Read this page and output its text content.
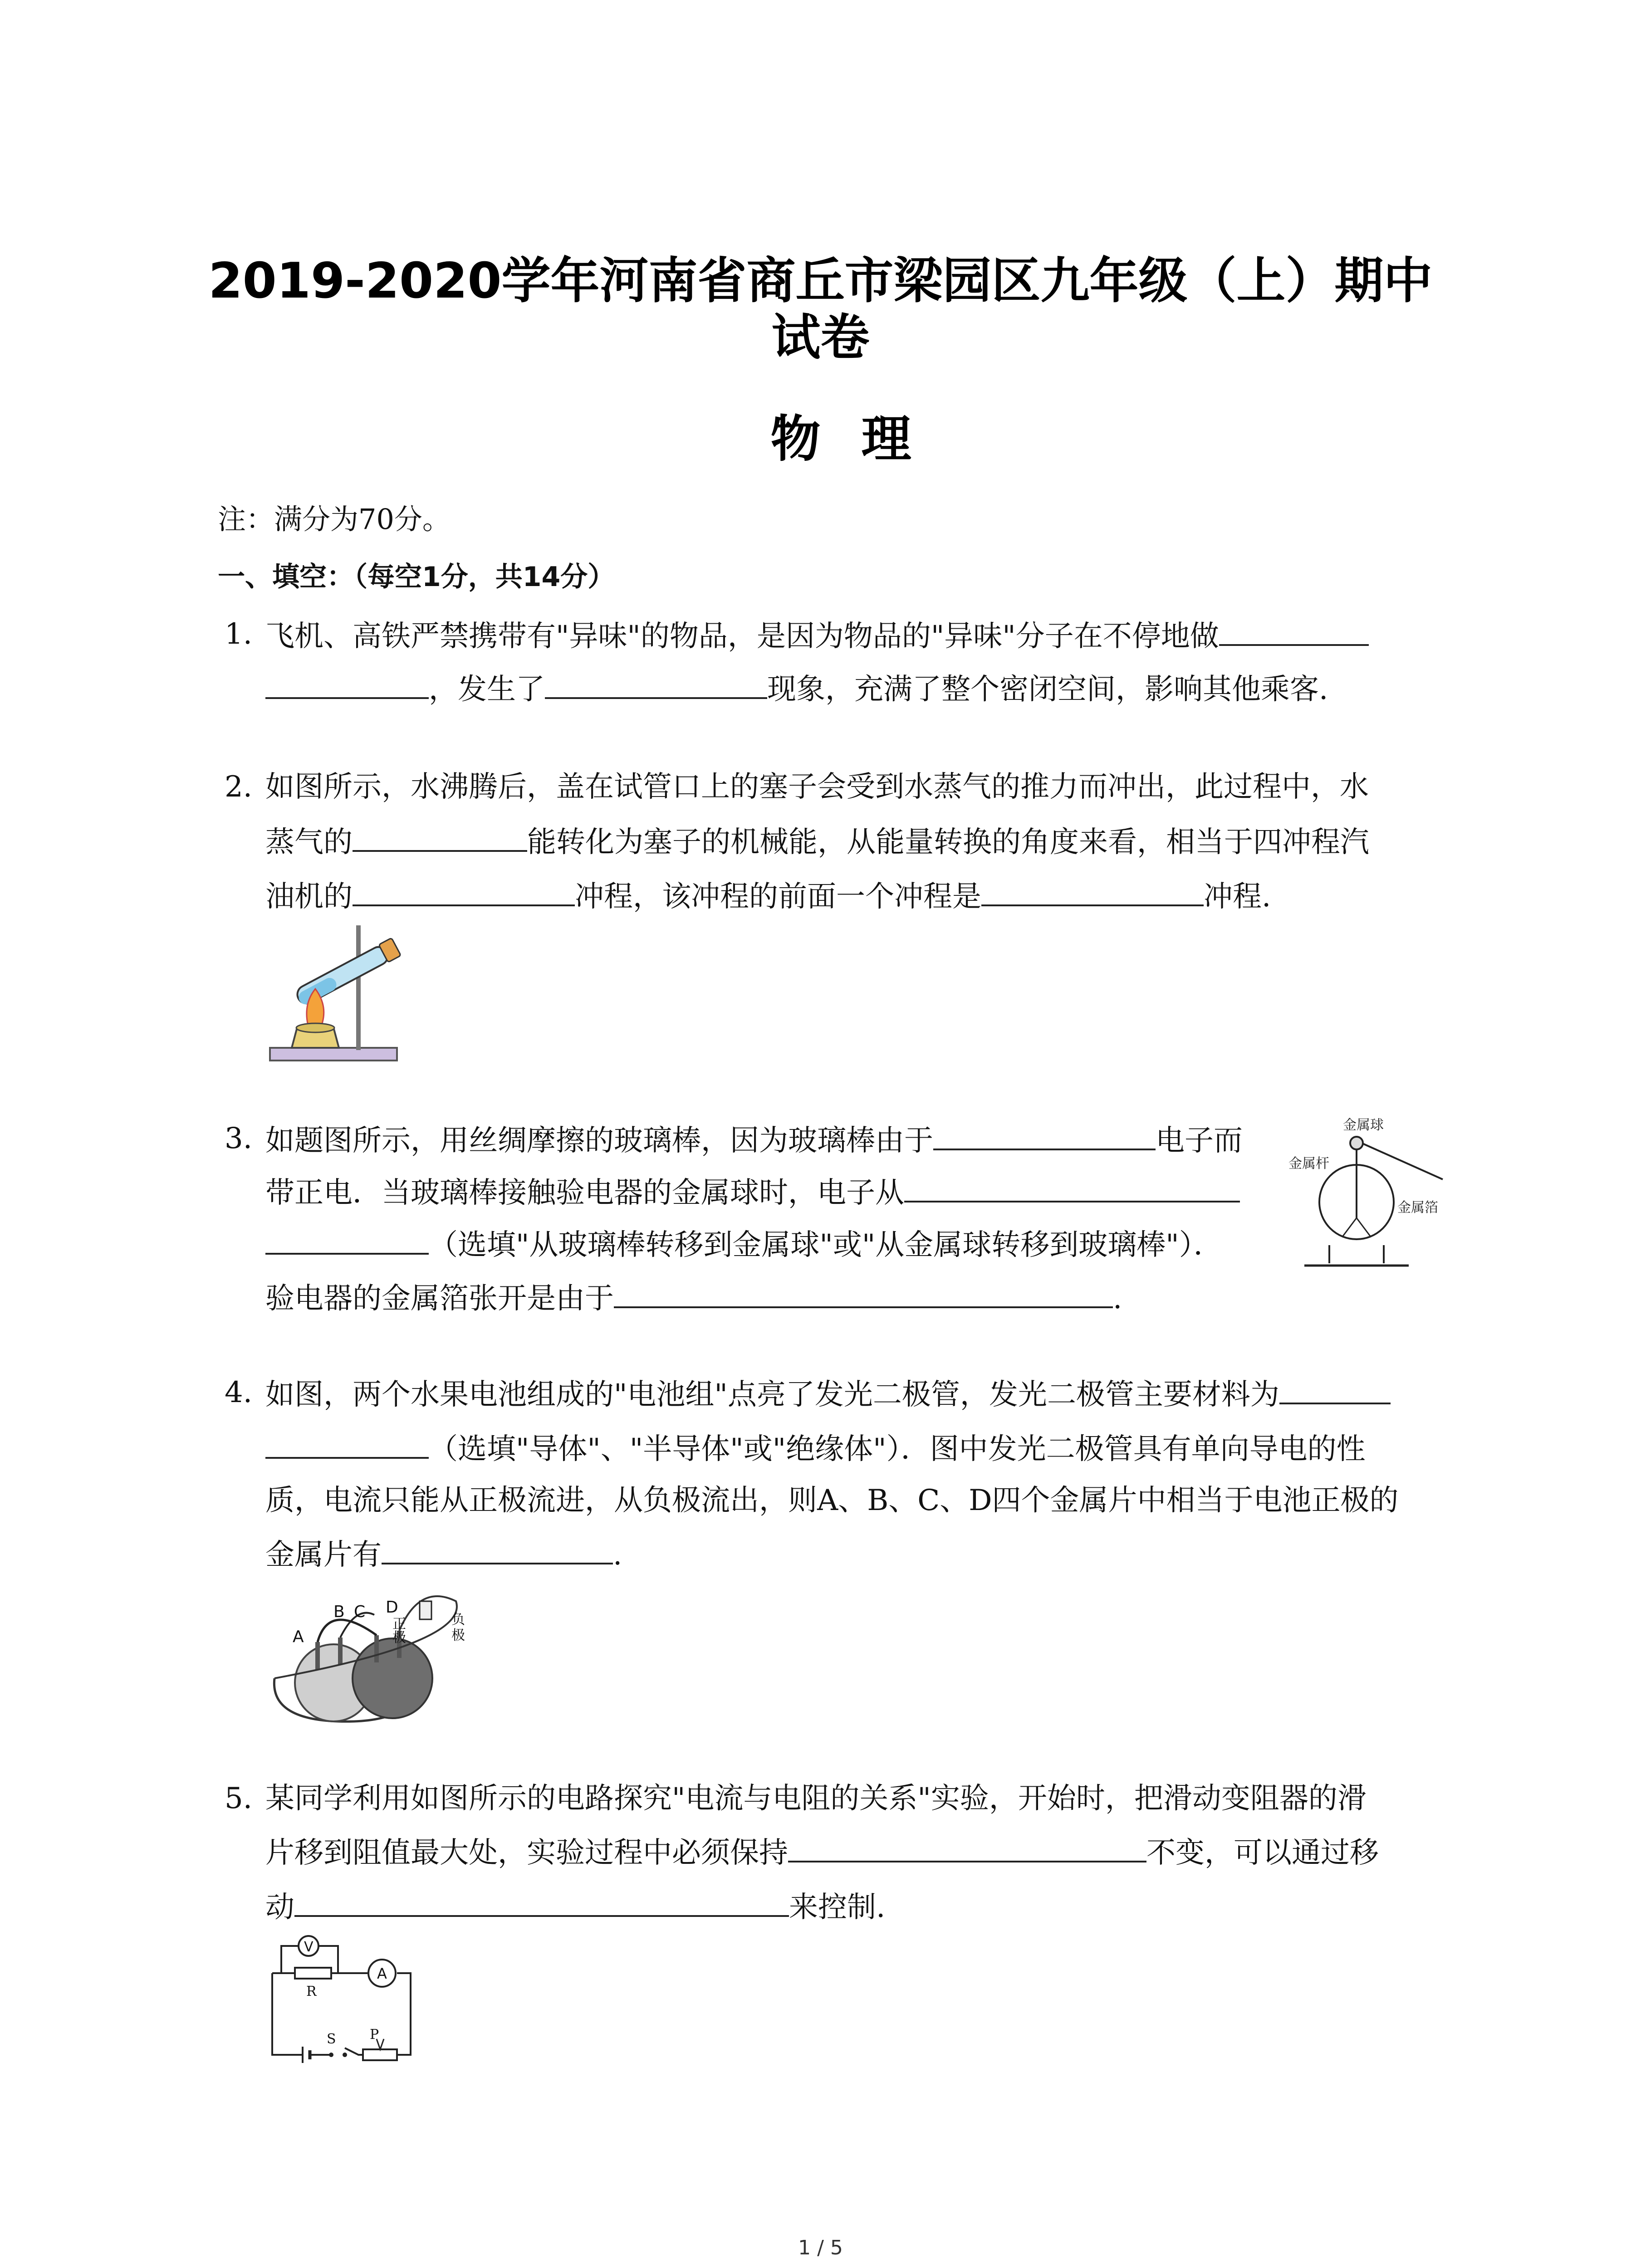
2019-2020学年河南省商丘市梁园区九年级（上）期中
试卷
物理
注：满分为70分。
一、填空：（每空1分，共14分）
1. 飞机、高铁严禁携带有"异味"的物品，是因为物品的"异味"分子在不停地做
，发生了	现象，充满了整个密闭空间，影响其他乘客.
2. 如图所示，水沸腾后，盖在试管口上的塞子会受到水蒸气的推力而冲出，此过程中，水
蒸气的	能转化为塞子的机械能，从能量转换的角度来看，相当于四冲程汽
油机的	冲程，该冲程的前面一个冲程是	冲程.
3. 如题图所示，用丝绸摩擦的玻璃棒，因为玻璃棒由于	电子而
带正电．当玻璃棒接触验电器的金属球时，电子从
（选填"从玻璃棒转移到金属球"或"从金属球转移到玻璃棒"）．
验电器的金属箔张开是由于	.
金属球
金属杆
金属箔
4. 如图，两个水果电池组成的"电池组"点亮了发光二极管，发光二极管主要材料为
（选填"导体"、"半导体"或"绝缘体"）．图中发光二极管具有单向导电的性
质，电流只能从正极流进，从负极流出，则A、B、C、D四个金属片中相当于电池正极的
金属片有	.
A
B C D
正
极
负
极
5. 某同学利用如图所示的电路探究"电流与电阻的关系"实验，开始时，把滑动变阻器的滑
片移到阻值最大处，实验过程中必须保持	不变，可以通过移
动	来控制.
V
A
R
S P
1 / 5
